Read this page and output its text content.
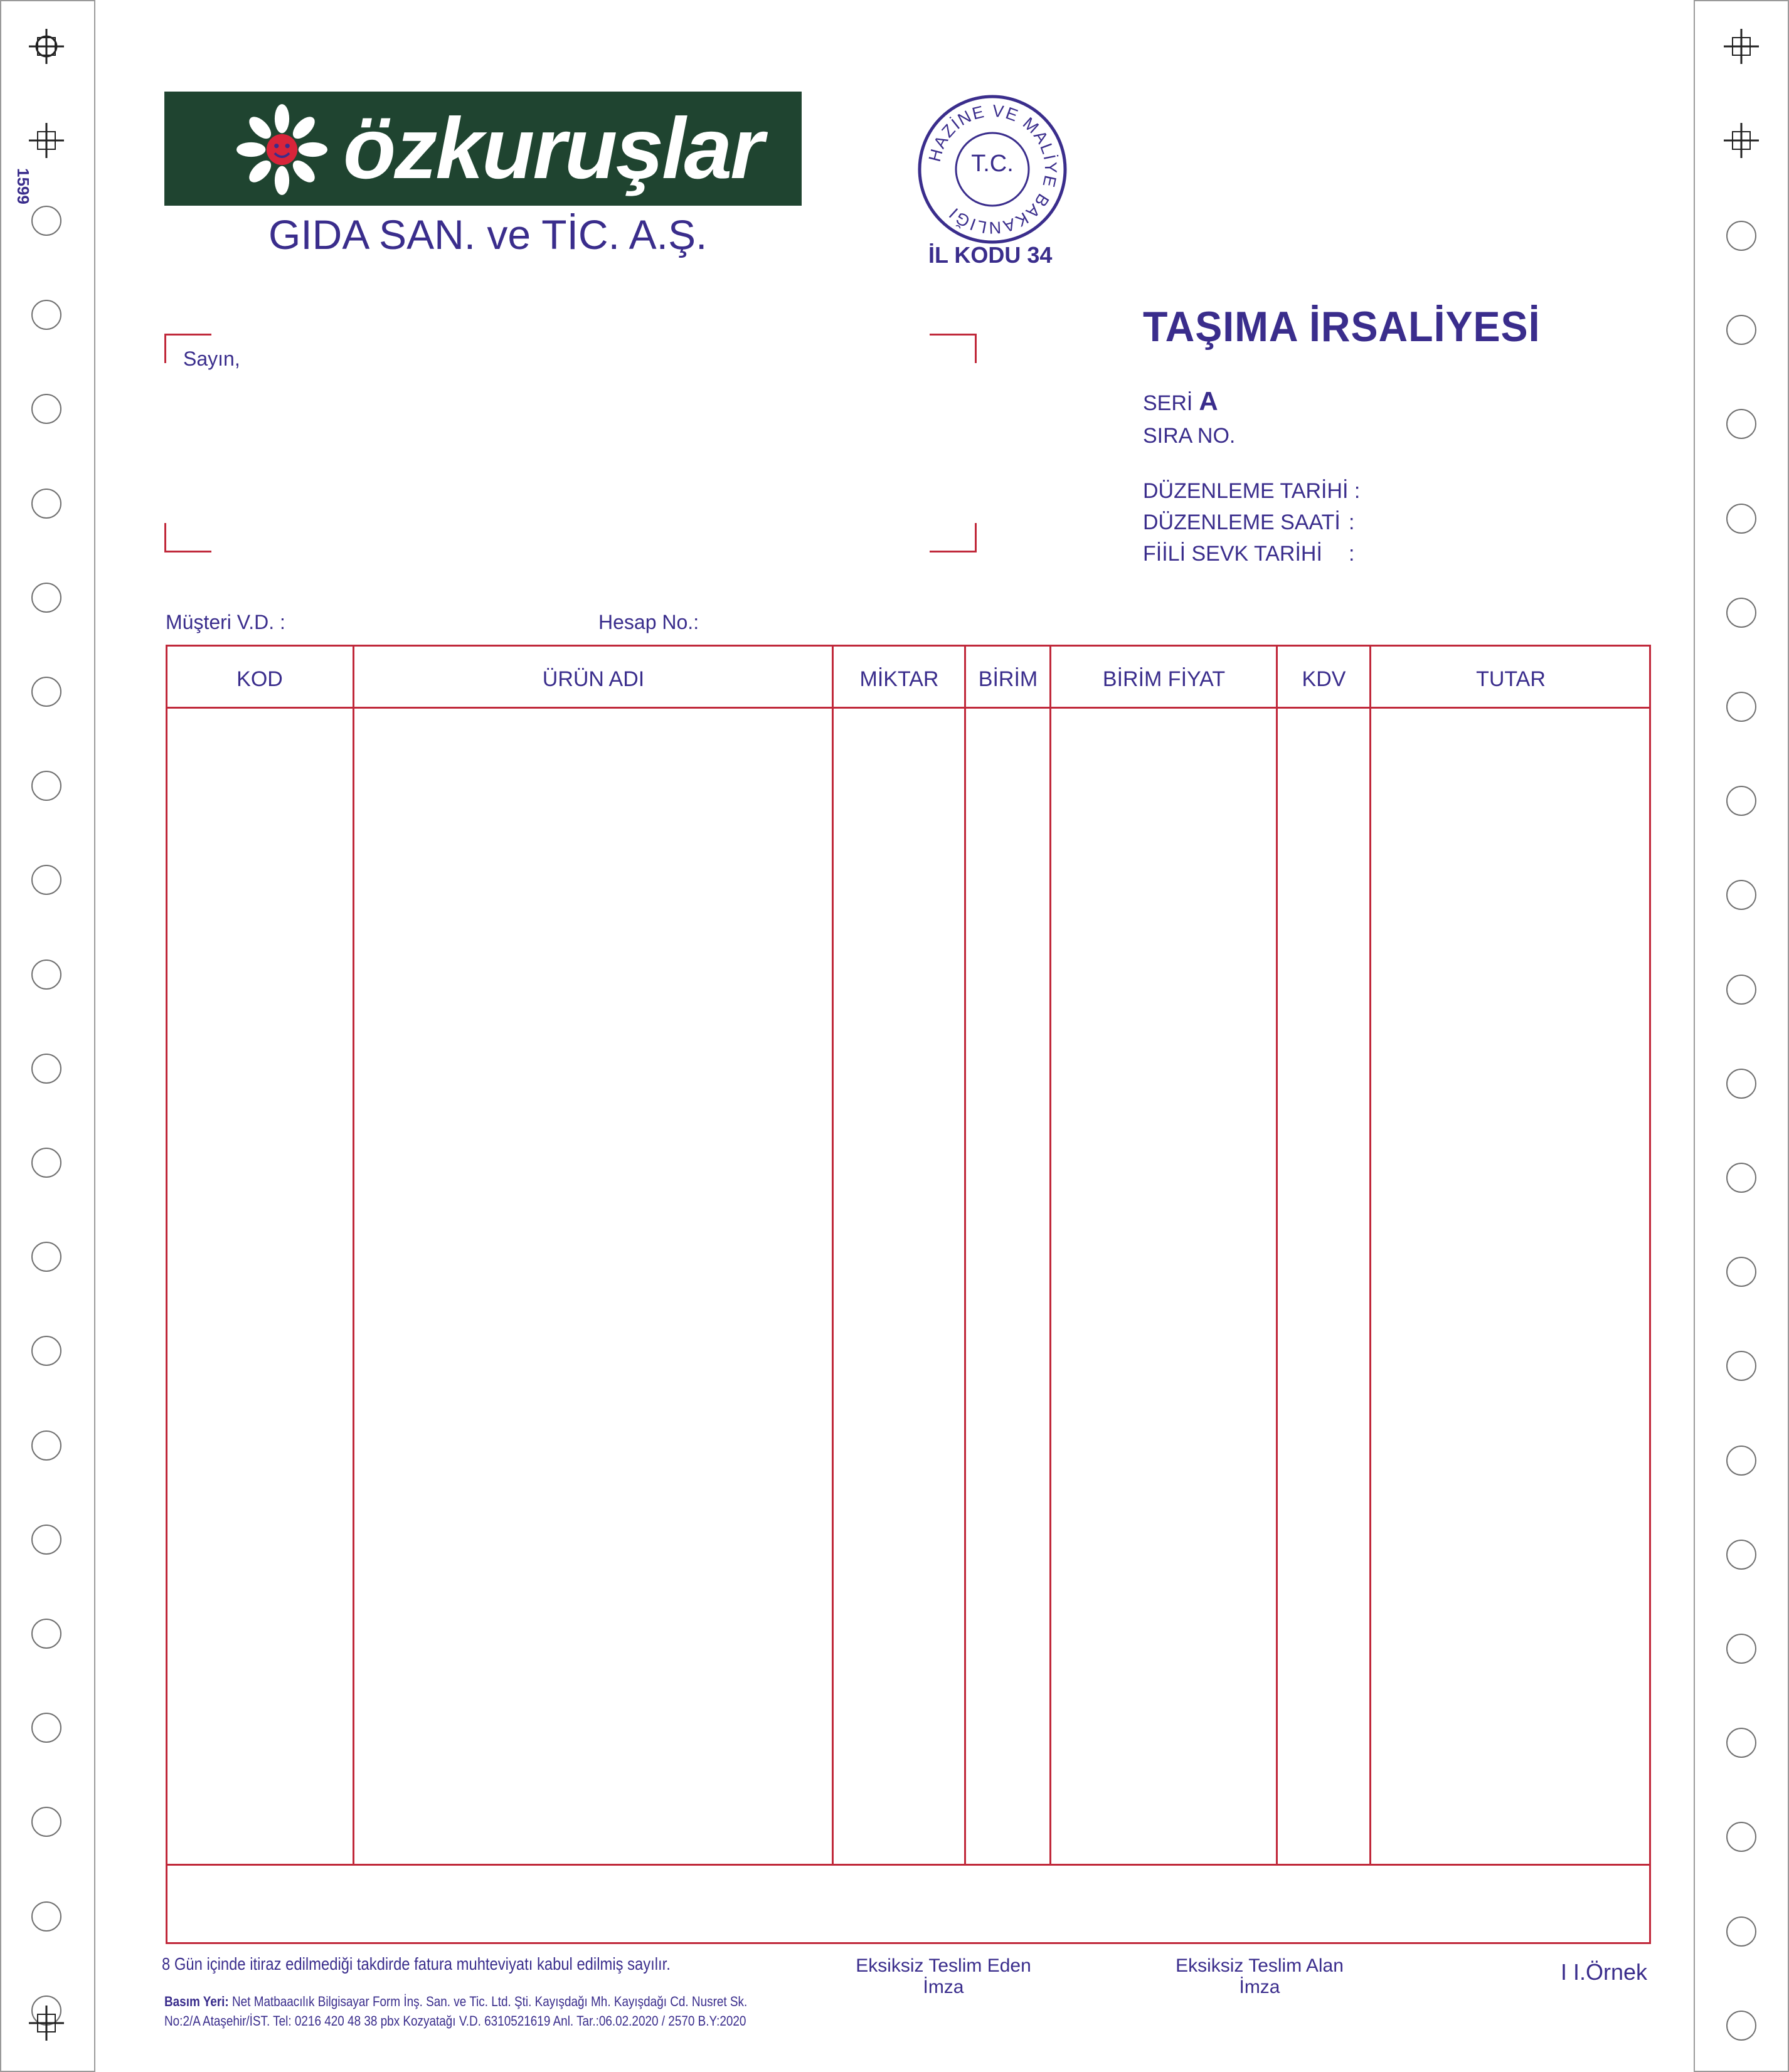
1599	özkuruşlar
GIDA SAN. ve TİC. A.Ş.
HAZİNE VE MALİYE BAKANLIĞI
T.C.
İL KODU 34
Sayın,
TAŞIMA İRSALİYESİ
SERİ A
SIRA NO.
DÜZENLEME TARİHİ :
DÜZENLEME SAATİ :
FİİLİ SEVK TARİHİ :
Müşteri V.D. :	Hesap No.:
KOD	ÜRÜN ADI	MİKTAR	BİRİM	BİRİM FİYAT	KDV	TUTAR
8 Gün içinde itiraz edilmediği takdirde fatura muhteviyatı kabul edilmiş sayılır.
Basım Yeri: Net Matbaacılık Bilgisayar Form İnş. San. ve Tic. Ltd. Şti. Kayışdağı Mh. Kayışdağı Cd. Nusret Sk.
No:2/A Ataşehir/İST. Tel: 0216 420 48 38 pbx Kozyatağı V.D. 6310521619 Anl. Tar.:06.02.2020 / 2570 B.Y:2020
Eksiksiz Teslim Eden
İmza
Eksiksiz Teslim Alan
İmza
I I.Örnek
